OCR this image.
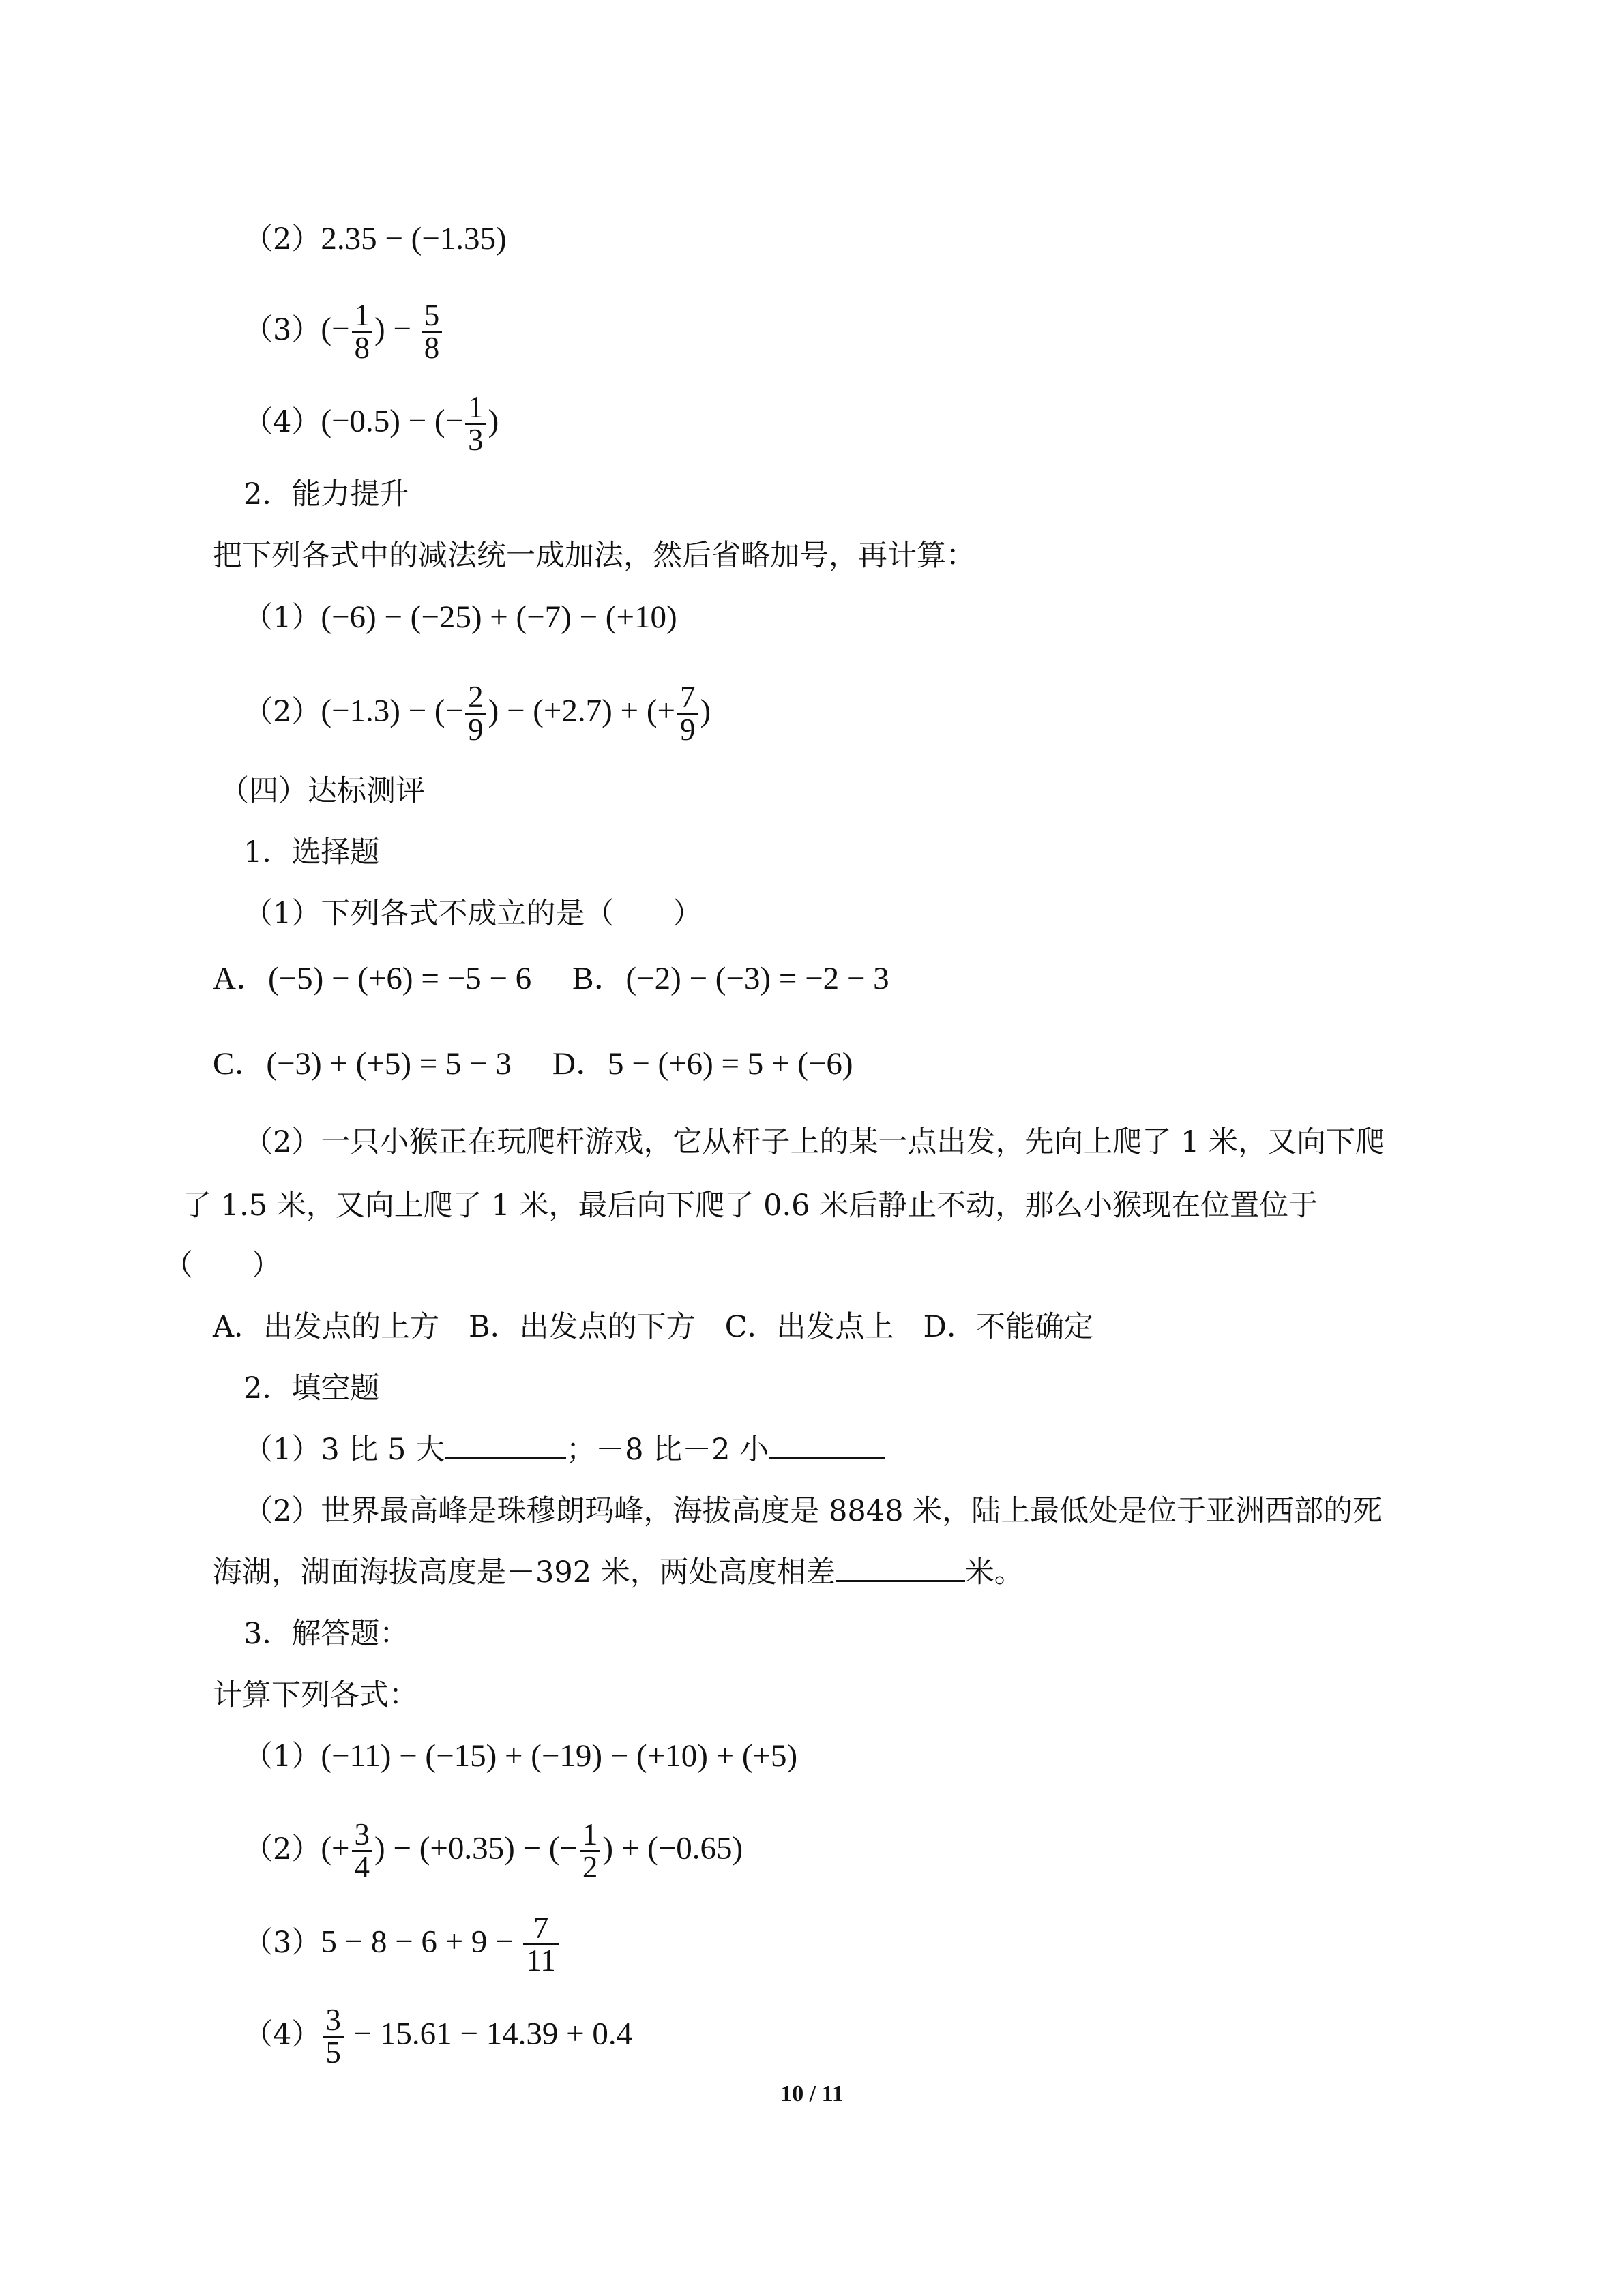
（2）2.35 − (−1.35)
$(3)(- \frac{1}{8}$ ) − $\frac{5}{8}$
（4）(−0.5) − (− $\frac{1}{3}$ )
2．能力提升
把下列各式中的减法统一成加法，然后省略加号，再计算：
（1）(−6) − (−25) + (−7) − (+10)
（2）(−1.3) − (− $\frac{2}{9}$ ) − (+2.7) + (+ $\frac{7}{9}$ )
（四）达标测评
1．选择题
（1）下列各式不成立的是（　　）
A．(−5) − (+6) = −5 − 6 B．(−2) − (−3) = −2 − 3
C．(−3) + (+5) = 5 − 3 D．5 − (+6) = 5 + (−6)
（2）一只小猴正在玩爬杆游戏，它从杆子上的某一点出发，先向上爬了 1 米，又向下爬
了 1.5 米，又向上爬了 1 米，最后向下爬了 0.6 米后静止不动，那么小猴现在位置位于
（　　）
A．出发点的上方　B．出发点的下方　C．出发点上　D．不能确定
2．填空题
（1）3 比 5 大	；－8 比－2 小
（2）世界最高峰是珠穆朗玛峰，海拔高度是 8848 米，陆上最低处是位于亚洲西部的死
海湖，湖面海拔高度是－392 米，两处高度相差	米。
3．解答题：
计算下列各式：
（1）(−11) − (−15) + (−19) − (+10) + (+5)
$(2)(+ \frac{3}{4}$ ) − (+0.35) − (− $\frac{1}{2}$ ) + (−0.65)
$(3)5 - 8 - 6 + 9 - \frac{7}{11}$
$(4) \frac{3}{5} - 15.61 - 14.39 + 0.4$
10 / 11
